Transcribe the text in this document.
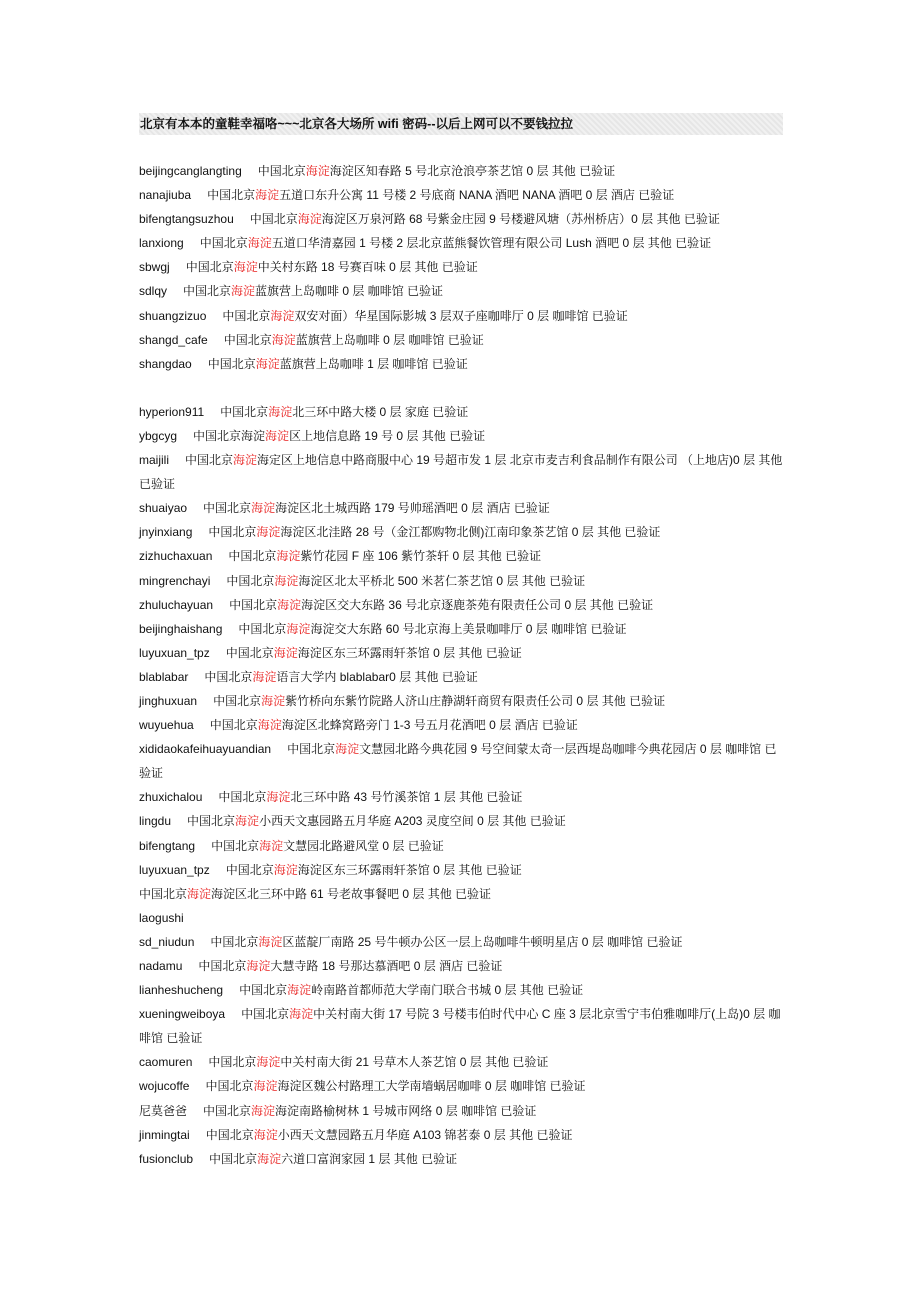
北京有本本的童鞋幸福咯~~~北京各大场所 wifi 密码--以后上网可以不要钱拉拉
beijingcanglangting 中国北京海淀海淀区知春路 5 号北京沧浪亭茶艺馆 0 层 其他 已验证
nanajiuba 中国北京海淀五道口东升公寓 11 号楼 2 号底商 NANA 酒吧 NANA 酒吧 0 层 酒店 已验证
bifengtangsuzhou 中国北京海淀海淀区万泉河路 68 号紫金庄园 9 号楼避风塘（苏州桥店）0 层 其他 已验证
lanxiong 中国北京海淀五道口华清嘉园 1 号楼 2 层北京蓝熊餐饮管理有限公司 Lush 酒吧 0 层 其他 已验证
sbwgj 中国北京海淀中关村东路 18 号赛百味 0 层 其他 已验证
sdlqy 中国北京海淀蓝旗营上岛咖啡 0 层 咖啡馆 已验证
shuangzizuo 中国北京海淀双安对面）华星国际影城 3 层双子座咖啡厅 0 层 咖啡馆 已验证
shangd_cafe 中国北京海淀蓝旗营上岛咖啡 0 层 咖啡馆 已验证
shangdao 中国北京海淀蓝旗营上岛咖啡 1 层 咖啡馆 已验证
hyperion911 中国北京海淀北三环中路大楼 0 层 家庭 已验证
ybgcyg 中国北京海淀海淀区上地信息路 19 号 0 层 其他 已验证
maijili 中国北京海淀海定区上地信息中路商服中心 19 号超市发 1 层 北京市麦吉利食品制作有限公司 （上地店)0 层 其他 已验证
shuaiyao 中国北京海淀海淀区北土城西路 179 号帅瑶酒吧 0 层 酒店 已验证
jnyinxiang 中国北京海淀海淀区北洼路 28 号（金江都购物北侧)江南印象茶艺馆 0 层 其他 已验证
zizhuchaxuan 中国北京海淀紫竹花园 F 座 106 紫竹茶轩 0 层 其他 已验证
mingrenchayi 中国北京海淀海淀区北太平桥北 500 米茗仁茶艺馆 0 层 其他 已验证
zhuluchayuan 中国北京海淀海淀区交大东路 36 号北京逐鹿茶苑有限责任公司 0 层 其他 已验证
beijinghaishang 中国北京海淀海淀交大东路 60 号北京海上美景咖啡厅 0 层 咖啡馆 已验证
luyuxuan_tpz 中国北京海淀海淀区东三环露雨轩茶馆 0 层 其他 已验证
blablabar 中国北京海淀语言大学内 blablabar0 层 其他 已验证
jinghuxuan 中国北京海淀紫竹桥向东紫竹院路人济山庄静湖轩商贸有限责任公司 0 层 其他 已验证
wuyuehua 中国北京海淀海淀区北蜂窝路旁门 1-3 号五月花酒吧 0 层 酒店 已验证
xididaokafeihuayuandian 中国北京海淀文慧园北路今典花园 9 号空间蒙太奇一层西堤岛咖啡今典花园店 0 层 咖啡馆 已验证
zhuxichalou 中国北京海淀北三环中路 43 号竹溪茶馆 1 层 其他 已验证
lingdu 中国北京海淀小西天文惠园路五月华庭 A203 灵度空间 0 层 其他 已验证
bifengtang 中国北京海淀文慧园北路避风堂 0 层 已验证
luyuxuan_tpz 中国北京海淀海淀区东三环露雨轩茶馆 0 层 其他 已验证
中国北京海淀海淀区北三环中路 61 号老故事餐吧 0 层 其他 已验证
laogushi
sd_niudun 中国北京海淀区蓝靛厂南路 25 号牛顿办公区一层上岛咖啡牛顿明星店 0 层 咖啡馆 已验证
nadamu 中国北京海淀大慧寺路 18 号那达慕酒吧 0 层 酒店 已验证
lianheshucheng 中国北京海淀岭南路首都师范大学南门联合书城 0 层 其他 已验证
xueningweiboya 中国北京海淀中关村南大街 17 号院 3 号楼韦伯时代中心 C 座 3 层北京雪宁韦伯雅咖啡厅(上岛)0 层 咖啡馆 已验证
caomuren 中国北京海淀中关村南大街 21 号草木人茶艺馆 0 层 其他 已验证
wojucoffe 中国北京海淀海淀区魏公村路理工大学南墙蜗居咖啡 0 层 咖啡馆 已验证
尼莫爸爸 中国北京海淀海淀南路榆树林 1 号城市网络 0 层 咖啡馆 已验证
jinmingtai 中国北京海淀小西天文慧园路五月华庭 A103 锦茗泰 0 层 其他 已验证
fusionclub 中国北京海淀六道口富润家园 1 层 其他 已验证
